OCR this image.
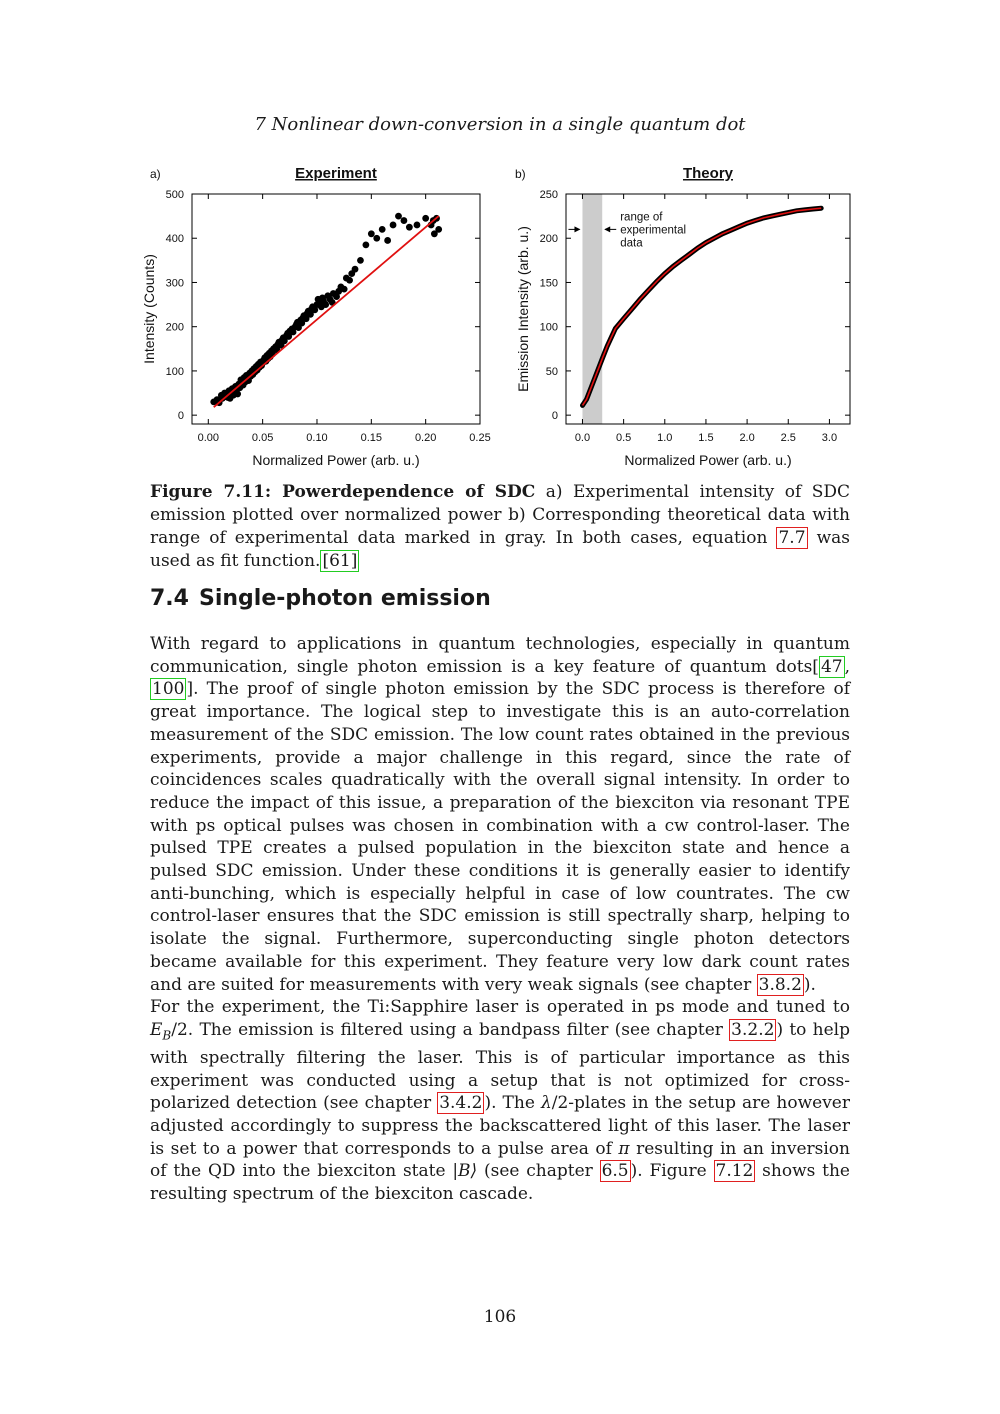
7 Nonlinear down-conversion in a single quantum dot
a)	Experiment
0.00	0.05	0.10	0.15	0.20	0.25
0
100
200
300
400
500
Normalized Power (arb. u.)
Intensity (Counts)
b)	Theory
0.0 0.5 1.0 1.5 2.0 2.5 3.0
0
50
100
150
200
250
Normalized Power (arb. u.)
Emission Intensity (arb. u.)
range of
experimental
data
Figure 7.11: Powerdependence of SDC a) Experimental intensity of SDC emission plotted over normalized power b) Corresponding theoretical data with range of experimental data marked in gray. In both cases, equation 7.7 was used as fit function. [61]
7.4 Single-photon emission

With regard to applications in quantum technologies, especially in quantum communication, single photon emission is a key feature of quantum dots[ 47 , 100 ]. The proof of single photon emission by the SDC process is therefore of great importance. The logical step to investigate this is an auto-correlation measurement of the SDC emission. The low count rates obtained in the previous experiments, provide a major challenge in this regard, since the rate of coincidences scales quadratically with the overall signal intensity. In order to reduce the impact of this issue, a preparation of the biexciton via resonant TPE with ps optical pulses was chosen in combination with a cw control-laser. The pulsed TPE creates a pulsed population in the biexciton state and hence a pulsed SDC emission. Under these conditions it is generally easier to identify anti-bunching, which is especially helpful in case of low countrates. The cw control-laser ensures that the SDC emission is still spectrally sharp, helping to isolate the signal. Furthermore, superconducting single photon detectors became available for this experiment. They feature very low dark count rates and are suited for measurements with very weak signals (see chapter 3.8.2 ).

For the experiment, the Ti:Sapphire laser is operated in ps mode and tuned to $E_B/2$. The emission is filtered using a bandpass filter (see chapter 3.2.2 ) to help with spectrally filtering the laser. This is of particular importance as this experiment was conducted using a setup that is not optimized for cross-polarized detection (see chapter 3.4.2 ). The λ/2-plates in the setup are however adjusted accordingly to suppress the backscattered light of this laser. The laser is set to a power that corresponds to a pulse area of π resulting in an inversion of the QD into the biexciton state |B⟩ (see chapter 6.5 ). Figure 7.12 shows the resulting spectrum of the biexciton cascade.

106
